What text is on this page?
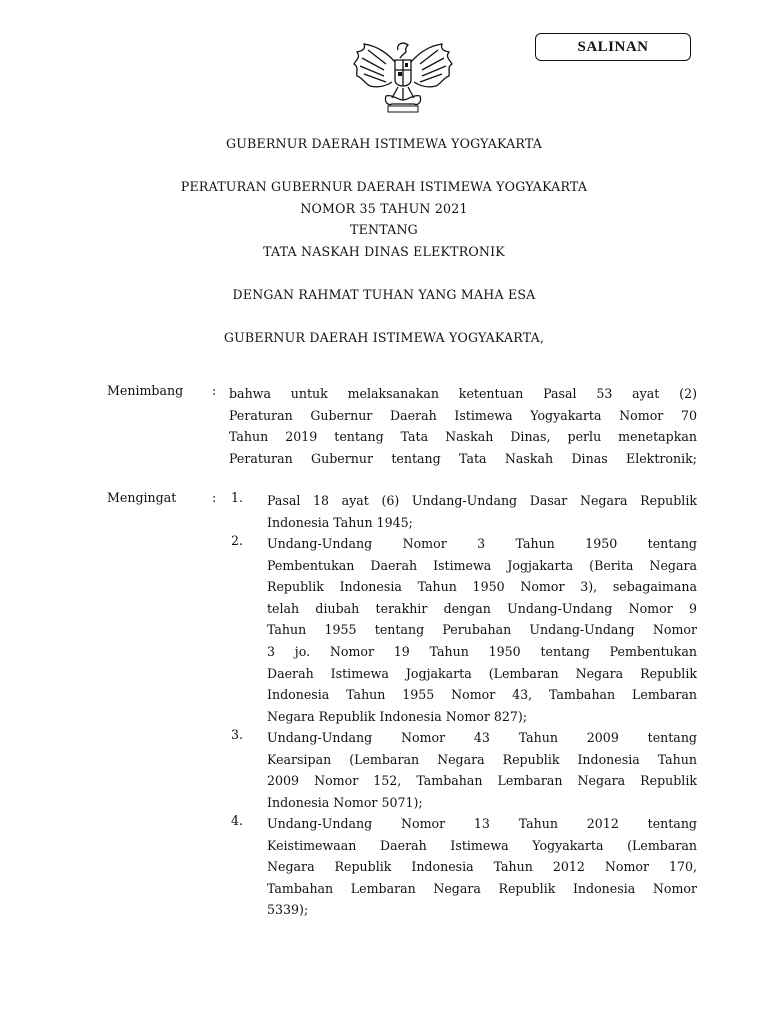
SALINAN
GUBERNUR DAERAH ISTIMEWA YOGYAKARTA
PERATURAN GUBERNUR DAERAH ISTIMEWA YOGYAKARTA
NOMOR 35 TAHUN 2021
TENTANG
TATA NASKAH DINAS ELEKTRONIK
DENGAN RAHMAT TUHAN YANG MAHA ESA
GUBERNUR DAERAH ISTIMEWA YOGYAKARTA,
Menimbang : bahwa untuk melaksanakan ketentuan Pasal 53 ayat (2)
Peraturan Gubernur Daerah Istimewa Yogyakarta Nomor 70
Tahun 2019 tentang Tata Naskah Dinas, perlu menetapkan
Peraturan Gubernur tentang Tata Naskah Dinas Elektronik;
Mengingat	: 1. Pasal 18 ayat (6) Undang-Undang Dasar Negara Republik
Indonesia Tahun 1945;
2. Undang-Undang Nomor 3 Tahun 1950 tentang
Pembentukan Daerah Istimewa Jogjakarta (Berita Negara
Republik Indonesia Tahun 1950 Nomor 3), sebagaimana
telah diubah terakhir dengan Undang-Undang Nomor 9
Tahun 1955 tentang Perubahan Undang-Undang Nomor
3 jo. Nomor 19 Tahun 1950 tentang Pembentukan
Daerah Istimewa Jogjakarta (Lembaran Negara Republik
Indonesia Tahun 1955 Nomor 43, Tambahan Lembaran
Negara Republik Indonesia Nomor 827);
3. Undang-Undang Nomor 43 Tahun 2009 tentang
Kearsipan (Lembaran Negara Republik Indonesia Tahun
2009 Nomor 152, Tambahan Lembaran Negara Republik
Indonesia Nomor 5071);
4. Undang-Undang Nomor 13 Tahun 2012 tentang
Keistimewaan Daerah Istimewa Yogyakarta (Lembaran
Negara Republik Indonesia Tahun 2012 Nomor 170,
Tambahan Lembaran Negara Republik Indonesia Nomor
5339);
